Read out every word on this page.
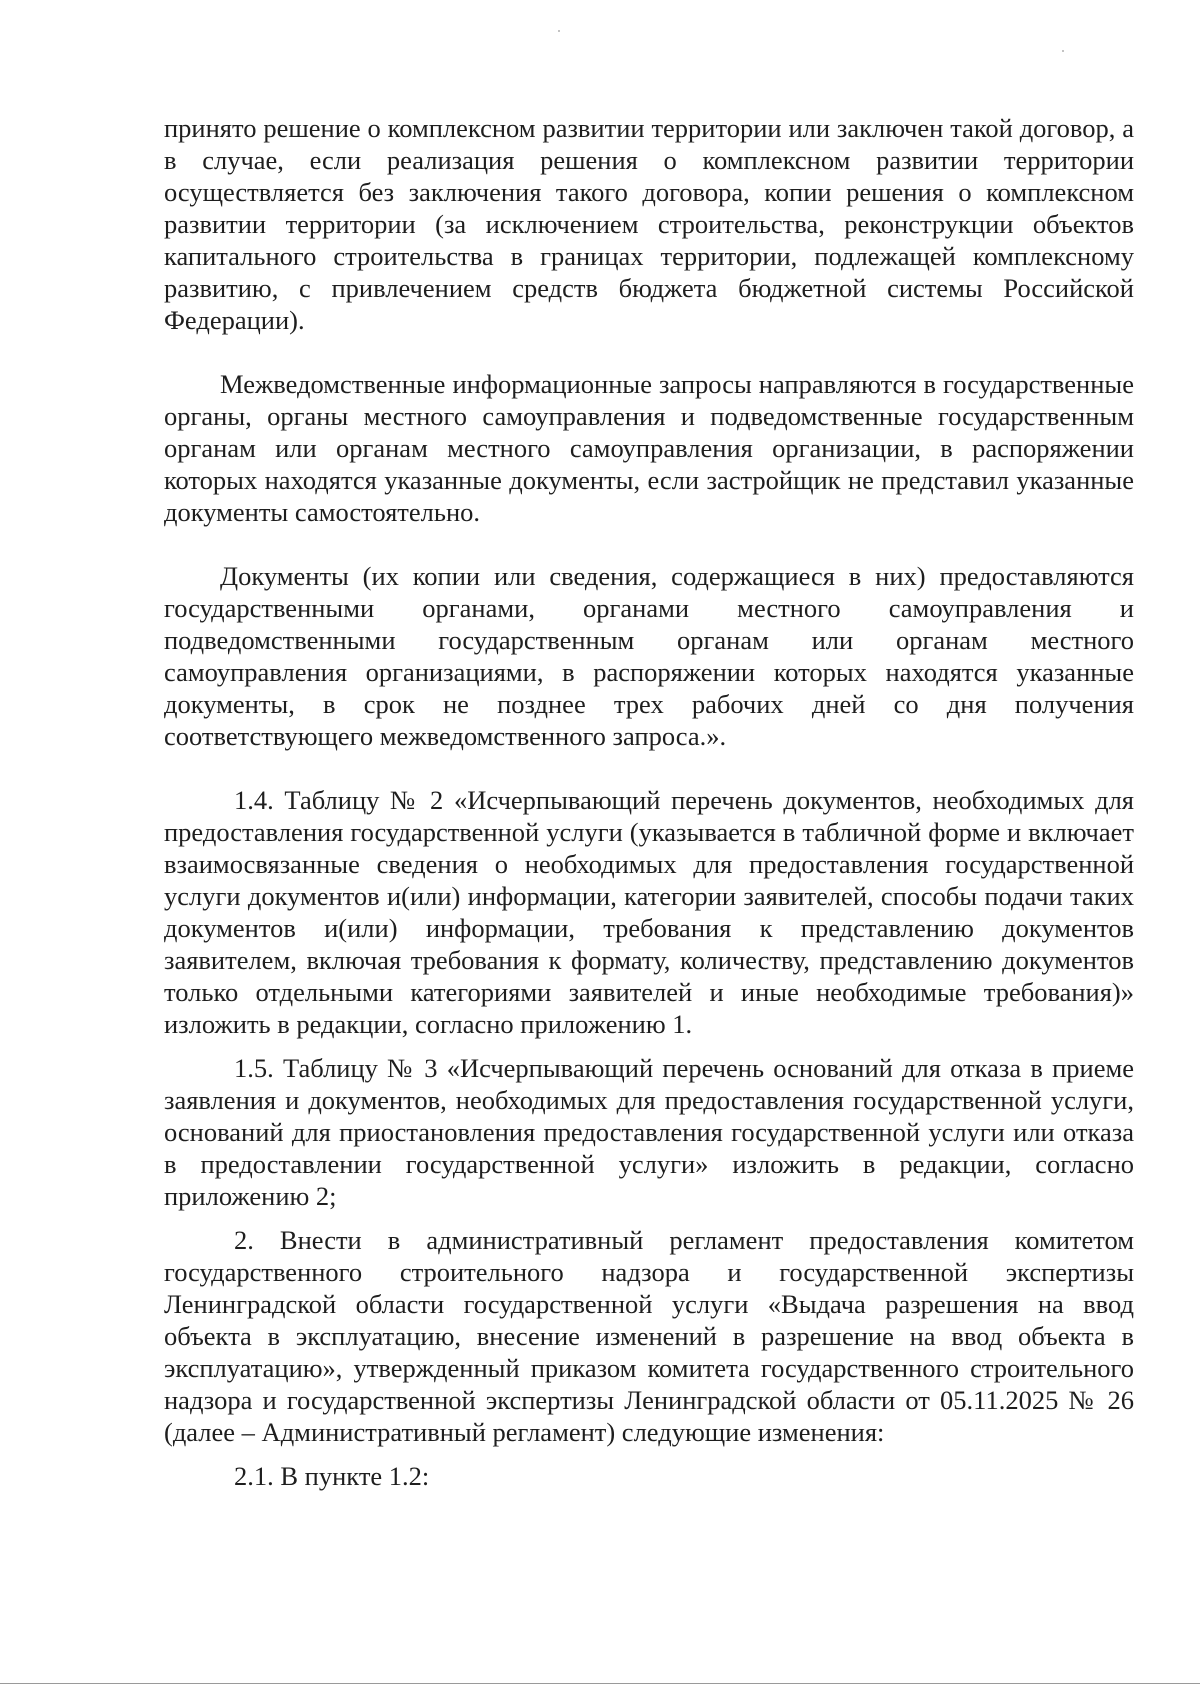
принято решение о комплексном развитии территории или заключен такой договор, а в случае, если реализация решения о комплексном развитии территории осуществляется без заключения такого договора, копии решения о комплексном развитии территории (за исключением строительства, реконструкции объектов капитального строительства в границах территории, подлежащей комплексному развитию, с привлечением средств бюджета бюджетной системы Российской Федерации).

Межведомственные информационные запросы направляются в государственные органы, органы местного самоуправления и подведомственные государственным органам или органам местного самоуправления организации, в распоряжении которых находятся указанные документы, если застройщик не представил указанные документы самостоятельно.

Документы (их копии или сведения, содержащиеся в них) предоставляются государственными органами, органами местного самоуправления и подведомственными государственным органам или органам местного самоуправления организациями, в распоряжении которых находятся указанные документы, в срок не позднее трех рабочих дней со дня получения соответствующего межведомственного запроса.».

1.4. Таблицу № 2 «Исчерпывающий перечень документов, необходимых для предоставления государственной услуги (указывается в табличной форме и включает взаимосвязанные сведения о необходимых для предоставления государственной услуги документов и(или) информации, категории заявителей, способы подачи таких документов и(или) информации, требования к представлению документов заявителем, включая требования к формату, количеству, представлению документов только отдельными категориями заявителей и иные необходимые требования)» изложить в редакции, согласно приложению 1.

1.5. Таблицу № 3 «Исчерпывающий перечень оснований для отказа в приеме заявления и документов, необходимых для предоставления государственной услуги, оснований для приостановления предоставления государственной услуги или отказа в предоставлении государственной услуги» изложить в редакции, согласно приложению 2;

2. Внести в административный регламент предоставления комитетом государственного строительного надзора и государственной экспертизы Ленинградской области государственной услуги «Выдача разрешения на ввод объекта в эксплуатацию, внесение изменений в разрешение на ввод объекта в эксплуатацию», утвержденный приказом комитета государственного строительного надзора и государственной экспертизы Ленинградской области от 05.11.2025 № 26 (далее – Административный регламент) следующие изменения:

2.1. В пункте 1.2:
